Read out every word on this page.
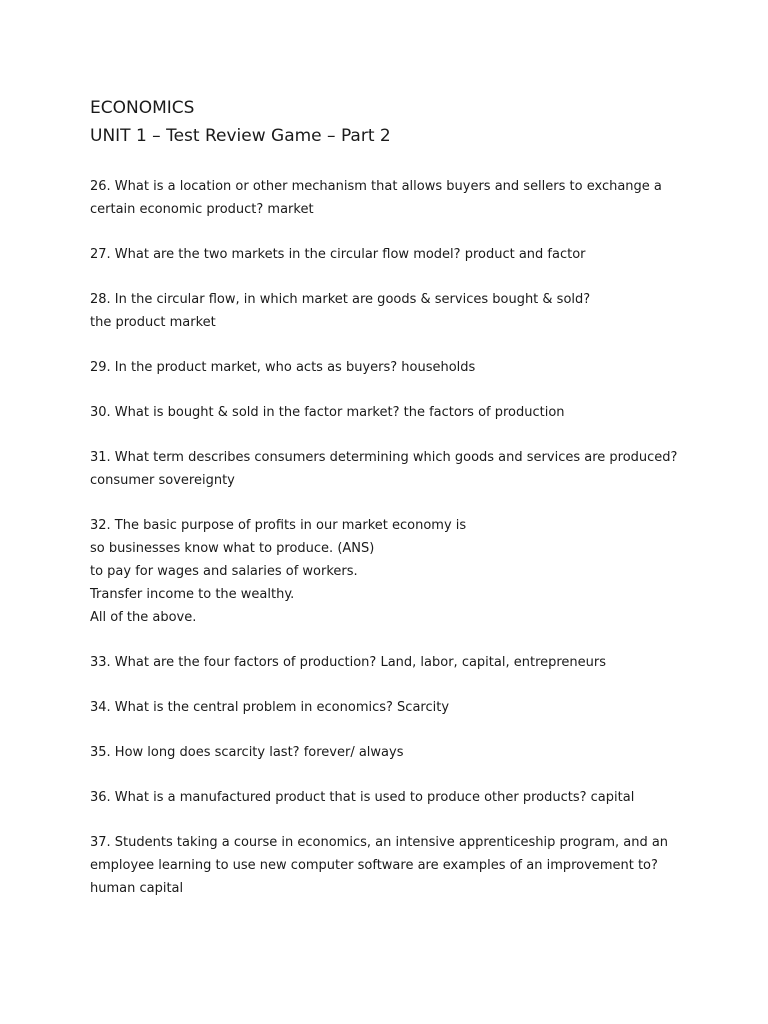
ECONOMICS
UNIT 1 – Test Review Game – Part 2

26. What is a location or other mechanism that allows buyers and sellers to exchange a
certain economic product? market

27. What are the two markets in the circular flow model? product and factor

28. In the circular flow, in which market are goods & services bought & sold?
the product market

29. In the product market, who acts as buyers? households

30. What is bought & sold in the factor market? the factors of production

31. What term describes consumers determining which goods and services are produced?
consumer sovereignty

32. The basic purpose of profits in our market economy is
so businesses know what to produce. (ANS)
to pay for wages and salaries of workers.
Transfer income to the wealthy.
All of the above.

33. What are the four factors of production? Land, labor, capital, entrepreneurs

34. What is the central problem in economics? Scarcity

35. How long does scarcity last? forever/ always

36. What is a manufactured product that is used to produce other products? capital

37. Students taking a course in economics, an intensive apprenticeship program, and an
employee learning to use new computer software are examples of an improvement to?
human capital
